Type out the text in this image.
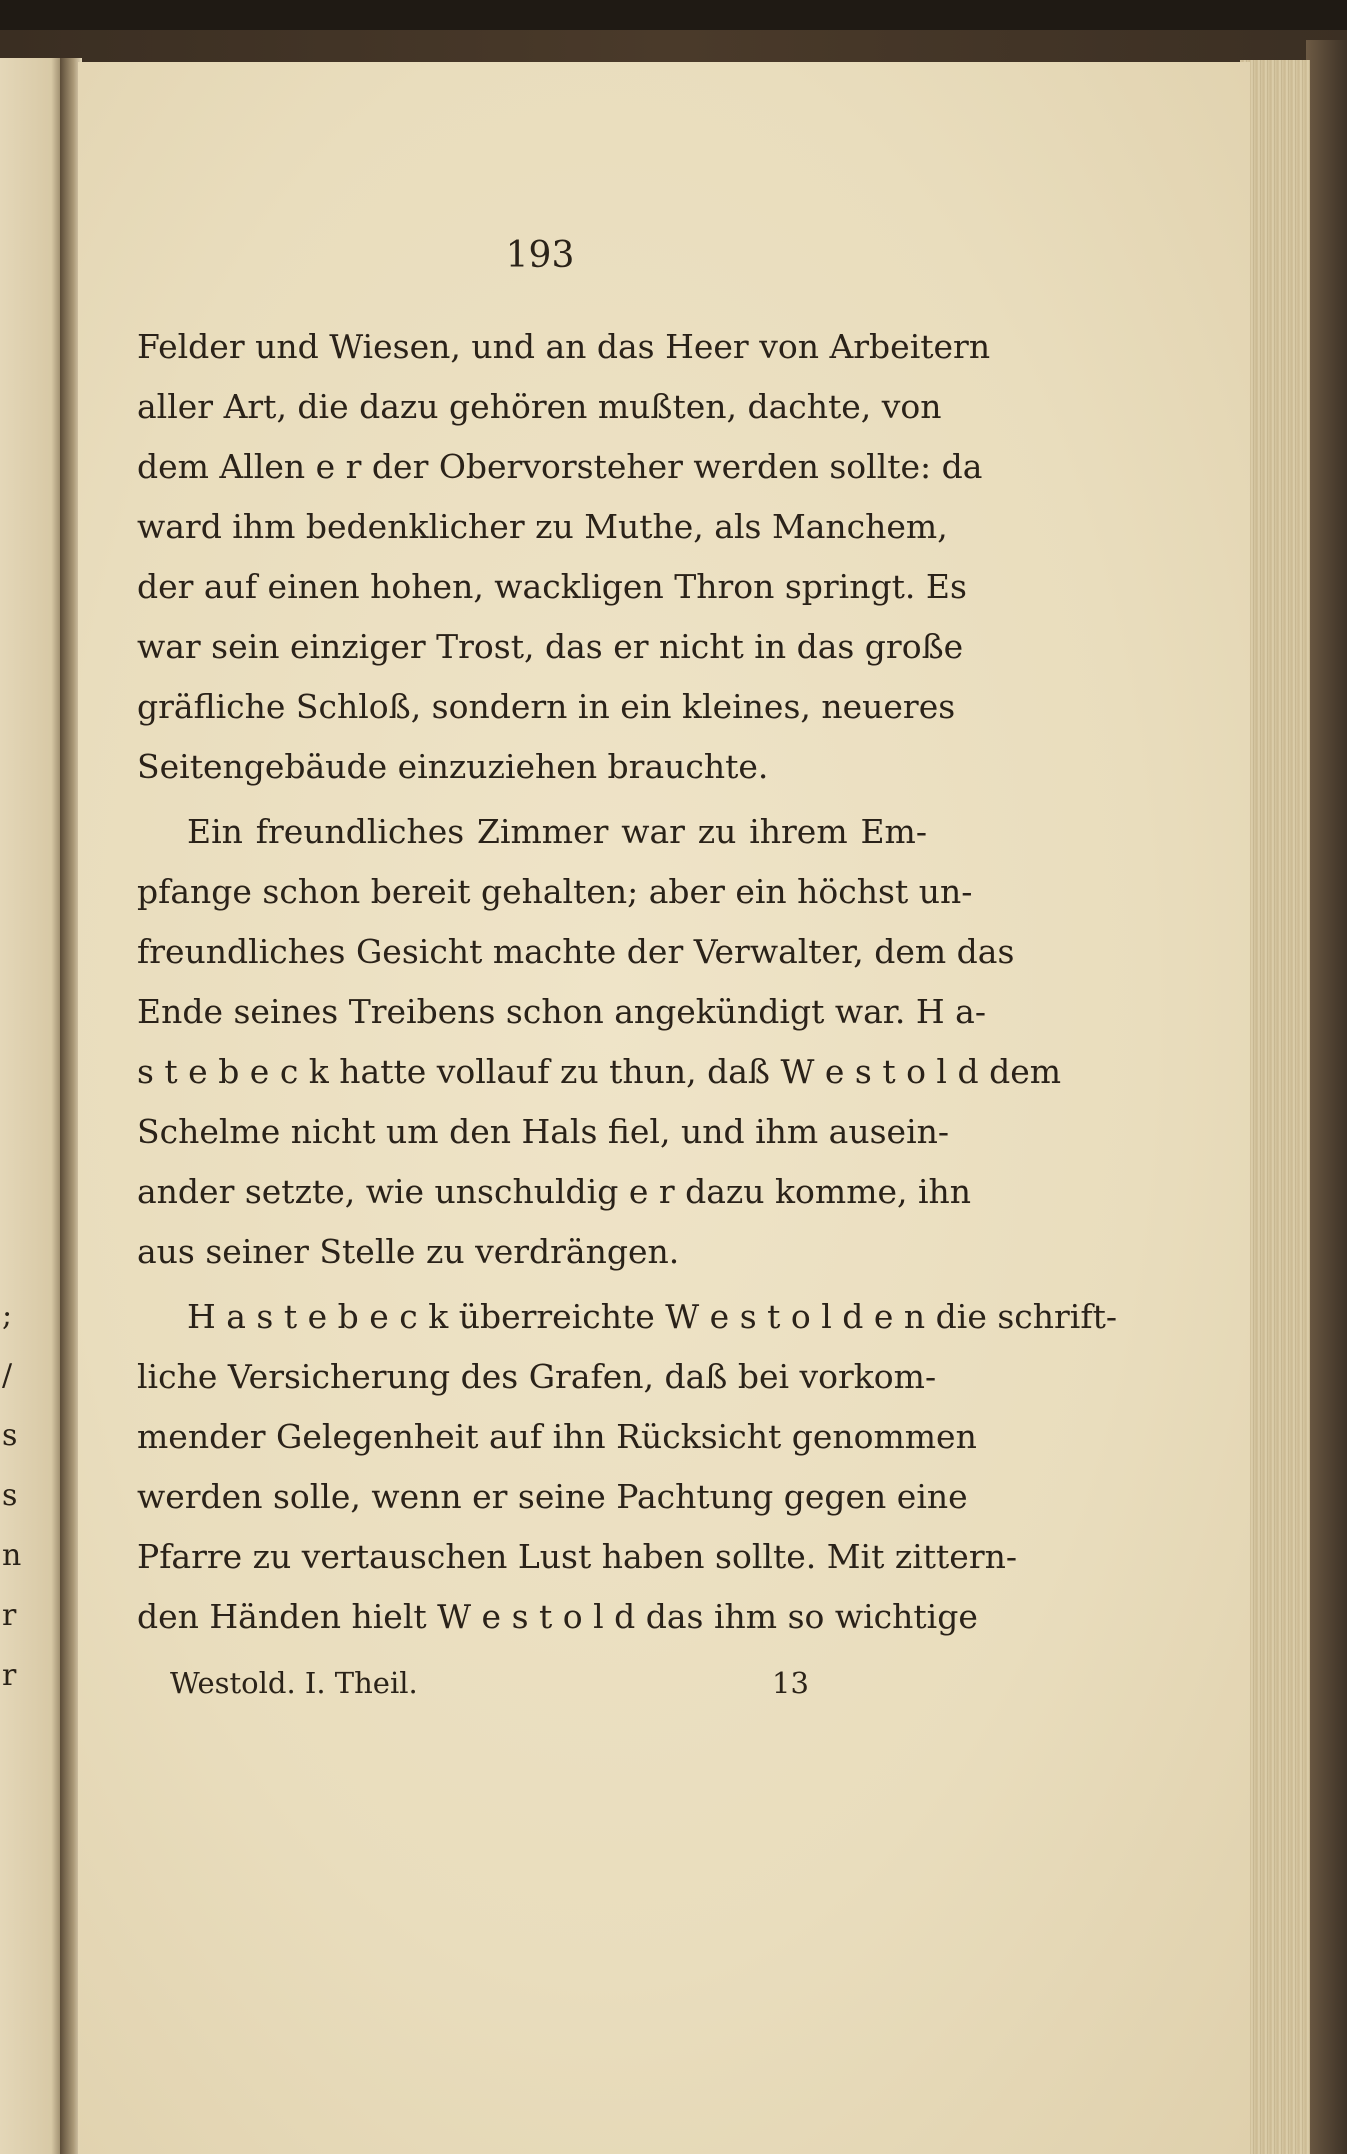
;
/
s
s
n
r
r
193
Felder und Wiesen, und an das Heer von Arbeitern
aller Art, die dazu gehören mußten, dachte, von
dem Allen e r der Obervorsteher werden sollte: da
ward ihm bedenklicher zu Muthe, als Manchem,
der auf einen hohen, wackligen Thron springt. Es
war sein einziger Trost, das er nicht in das große
gräfliche Schloß, sondern in ein kleines, neueres
Seitengebäude einzuziehen brauchte.
Ein freundliches Zimmer war zu ihrem Em-
pfange schon bereit gehalten; aber ein höchst un-
freundliches Gesicht machte der Verwalter, dem das
Ende seines Treibens schon angekündigt war. H a-
s t e b e c k hatte vollauf zu thun, daß W e s t o l d dem
Schelme nicht um den Hals fiel, und ihm ausein-
ander setzte, wie unschuldig e r dazu komme, ihn
aus seiner Stelle zu verdrängen.
H a s t e b e c k überreichte W e s t o l d e n die schrift-
liche Versicherung des Grafen, daß bei vorkom-
mender Gelegenheit auf ihn Rücksicht genommen
werden solle, wenn er seine Pachtung gegen eine
Pfarre zu vertauschen Lust haben sollte. Mit zittern-
den Händen hielt W e s t o l d das ihm so wichtige
Westold. I. Theil.	13
